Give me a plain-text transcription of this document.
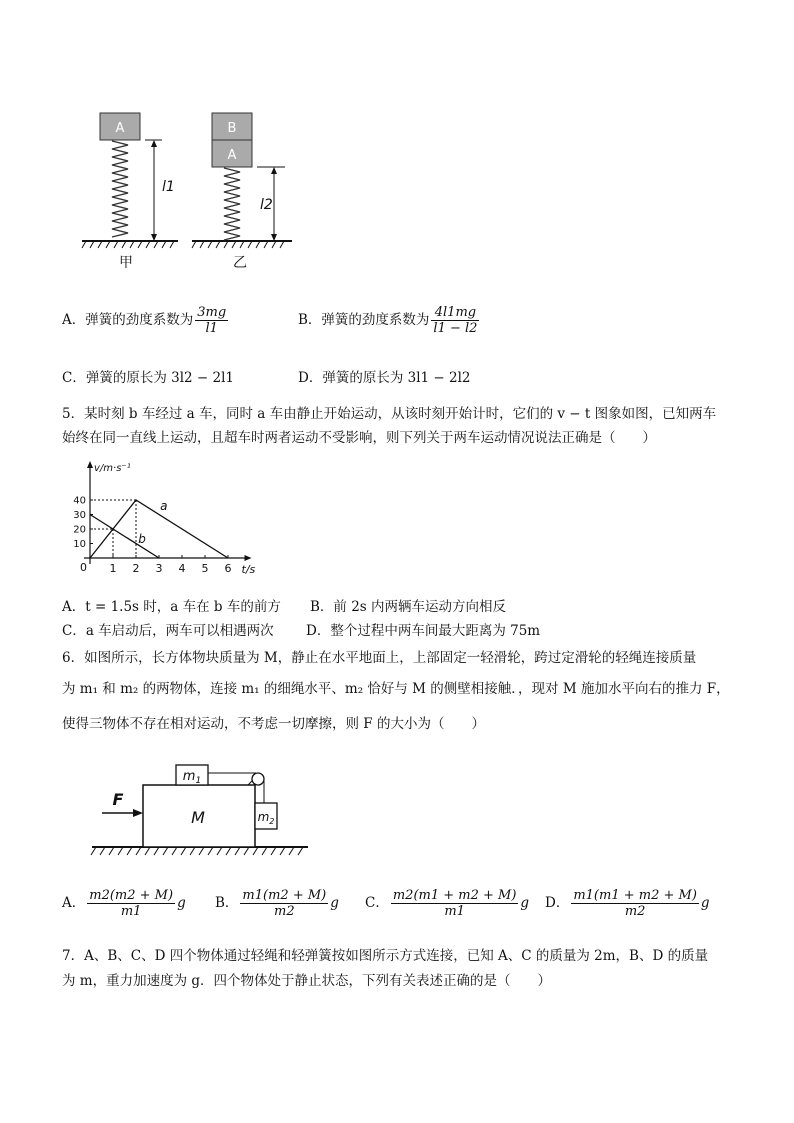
A
l1
甲
B
A
l2
乙
A．弹簧的劲度系数为 $\frac{3mg}{l1}$	B．弹簧的劲度系数为 $\frac{4l1mg}{l1 - l2}$
C．弹簧的原长为 3l2 − 2l1	D．弹簧的原长为 3l1 − 2l2
5．某时刻 b 车经过 a 车，同时 a 车由静止开始运动，从该时刻开始计时，它们的 v − t 图象如图，已知两车
始终在同一直线上运动，且超车时两者运动不受影响，则下列关于两车运动情况说法正确是（　　）
v/m·s⁻¹
t/s
0 1 2 3 4 5 6
10
20
30
40	a
b
A．t = 1.5s 时，a 车在 b 车的前方 B．前 2s 内两辆车运动方向相反
C．a 车启动后，两车可以相遇两次 D．整个过程中两车间最大距离为 75m
6．如图所示，长方体物块质量为 M，静止在水平地面上，上部固定一轻滑轮，跨过定滑轮的轻绳连接质量
为 m₁ 和 m₂ 的两物体，连接 m₁ 的细绳水平、m₂ 恰好与 M 的侧壁相接触．，现对 M 施加水平向右的推力 F，
使得三物体不存在相对运动，不考虑一切摩擦，则 F 的大小为（　　）
M
$m_1$
$m_2$
F
A． $\frac{m2(m2 + M)}{m1}$ g B． $\frac{m1(m2 + M)}{m2}$ g C． $\frac{m2(m1 + m2 + M)}{m1}$ g D． $\frac{m1(m1 + m2 + M)}{m2}$ g
7．A、B、C、D 四个物体通过轻绳和轻弹簧按如图所示方式连接，已知 A、C 的质量为 2m，B、D 的质量
为 m，重力加速度为 g．四个物体处于静止状态，下列有关表述正确的是（　　）
